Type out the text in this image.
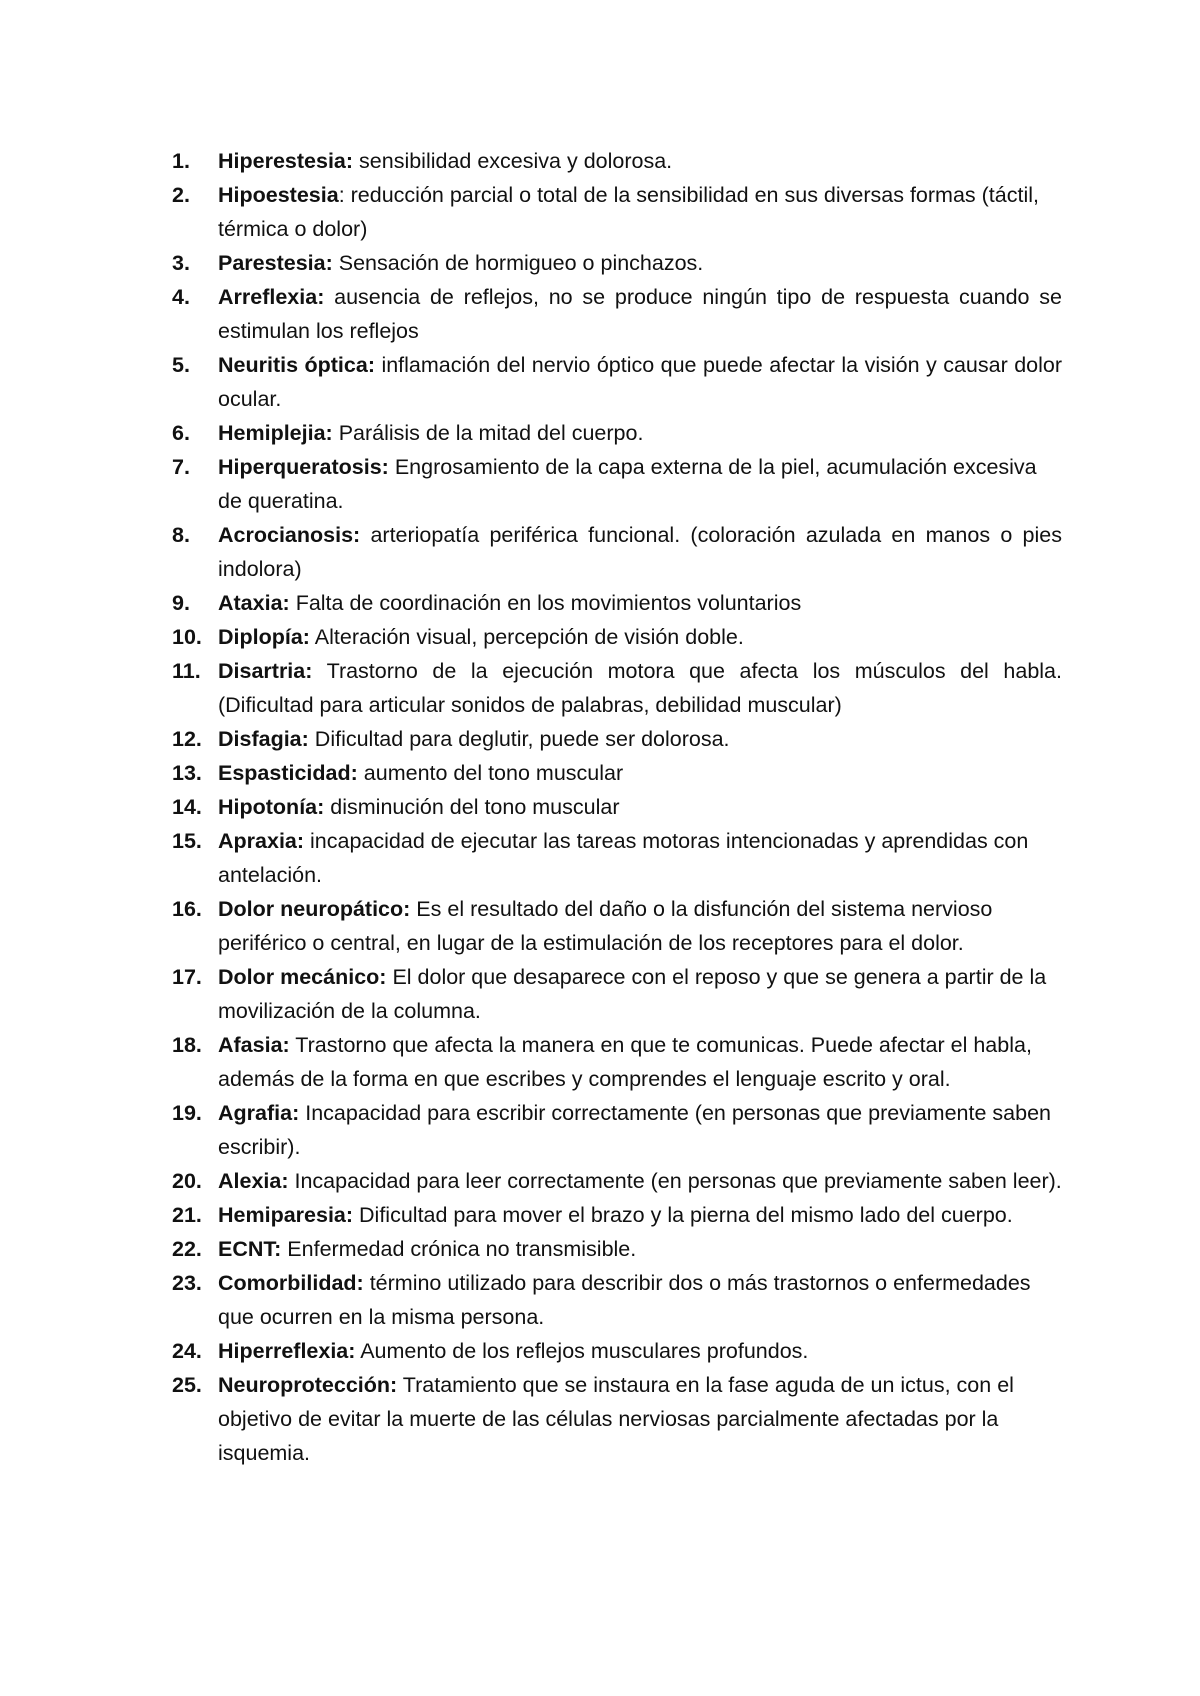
1. Hiperestesia: sensibilidad excesiva y dolorosa.
2. Hipoestesia: reducción parcial o total de la sensibilidad en sus diversas formas (táctil, térmica o dolor)
3. Parestesia: Sensación de hormigueo o pinchazos.
4. Arreflexia: ausencia de reflejos, no se produce ningún tipo de respuesta cuando se estimulan los reflejos
5. Neuritis óptica: inflamación del nervio óptico que puede afectar la visión y causar dolor ocular.
6. Hemiplejia: Parálisis de la mitad del cuerpo.
7. Hiperqueratosis: Engrosamiento de la capa externa de la piel, acumulación excesiva de queratina.
8. Acrocianosis: arteriopatía periférica funcional. (coloración azulada en manos o pies indolora)
9. Ataxia: Falta de coordinación en los movimientos voluntarios
10. Diplopía: Alteración visual, percepción de visión doble.
11. Disartria: Trastorno de la ejecución motora que afecta los músculos del habla. (Dificultad para articular sonidos de palabras, debilidad muscular)
12. Disfagia: Dificultad para deglutir, puede ser dolorosa.
13. Espasticidad: aumento del tono muscular
14. Hipotonía: disminución del tono muscular
15. Apraxia: incapacidad de ejecutar las tareas motoras intencionadas y aprendidas con antelación.
16. Dolor neuropático: Es el resultado del daño o la disfunción del sistema nervioso periférico o central, en lugar de la estimulación de los receptores para el dolor.
17. Dolor mecánico: El dolor que desaparece con el reposo y que se genera a partir de la movilización de la columna.
18. Afasia: Trastorno que afecta la manera en que te comunicas. Puede afectar el habla, además de la forma en que escribes y comprendes el lenguaje escrito y oral.
19. Agrafia: Incapacidad para escribir correctamente (en personas que previamente saben escribir).
20. Alexia: Incapacidad para leer correctamente (en personas que previamente saben leer).
21. Hemiparesia: Dificultad para mover el brazo y la pierna del mismo lado del cuerpo.
22. ECNT: Enfermedad crónica no transmisible.
23. Comorbilidad: término utilizado para describir dos o más trastornos o enfermedades que ocurren en la misma persona.
24. Hiperreflexia: Aumento de los reflejos musculares profundos.
25. Neuroprotección: Tratamiento que se instaura en la fase aguda de un ictus, con el objetivo de evitar la muerte de las células nerviosas parcialmente afectadas por la isquemia.
